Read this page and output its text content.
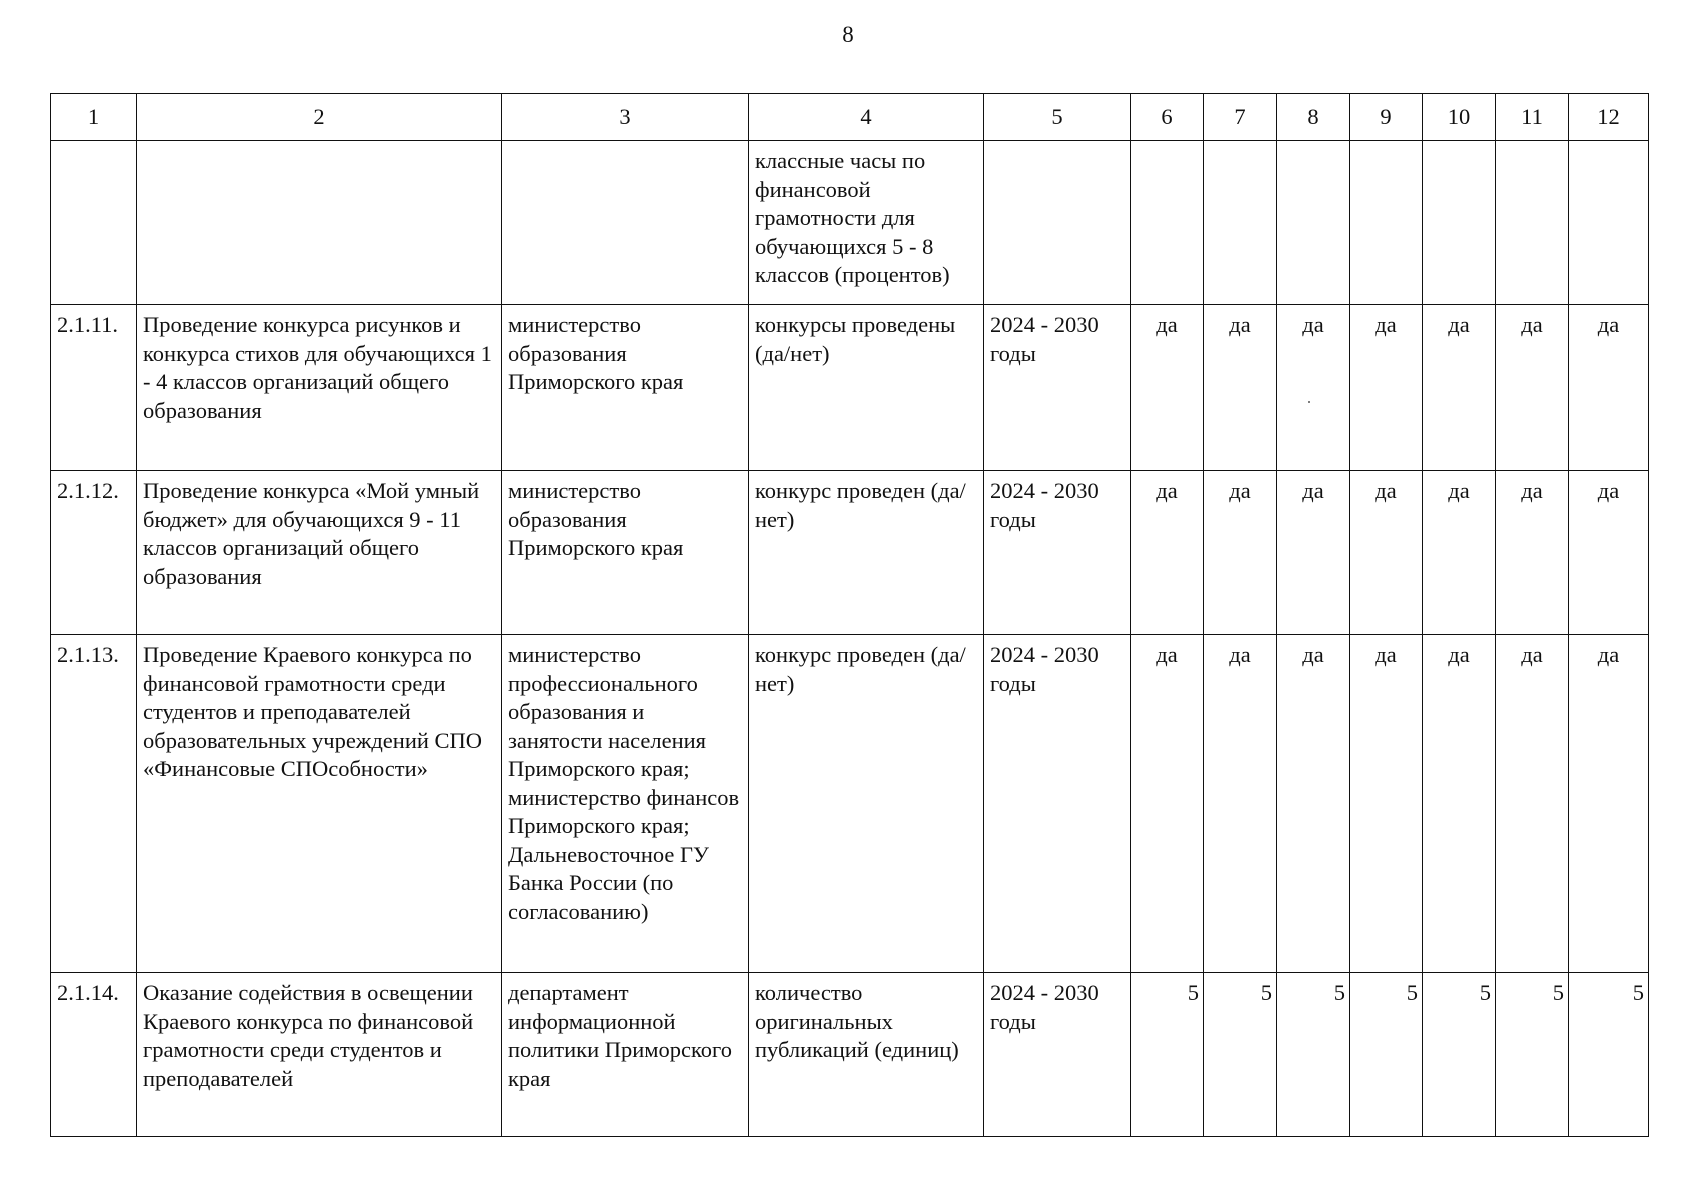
8
1	2	3	4	5	6	7	8	9	10	11	12
			классные часы по финансовой грамотности для обучающихся 5 - 8 классов (процентов)								
2.1.11.	Проведение конкурса рисунков и конкурса стихов для обучающихся 1 - 4 классов организаций общего образования	министерство образования Приморского края	конкурсы проведены (да/нет)	2024 - 2030 годы	да	да	да	да	да	да	да
2.1.12.	Проведение конкурса «Мой умный бюджет» для обучающихся 9 - 11 классов организаций общего образования	министерство образования Приморского края	конкурс проведен (да/нет)	2024 - 2030 годы	да	да	да	да	да	да	да
2.1.13.	Проведение Краевого конкурса по финансовой грамотности среди студентов и преподавателей образовательных учреждений СПО «Финансовые СПОсобности»	министерство профессионального образования и занятости населения Приморского края; министерство финансов Приморского края; Дальневосточное ГУ Банка России (по согласованию)	конкурс проведен (да/нет)	2024 - 2030 годы	да	да	да	да	да	да	да
2.1.14.	Оказание содействия в освещении Краевого конкурса по финансовой грамотности среди студентов и преподавателей	департамент информационной политики Приморского края	количество оригинальных публикаций (единиц)	2024 - 2030 годы	5	5	5	5	5	5	5
